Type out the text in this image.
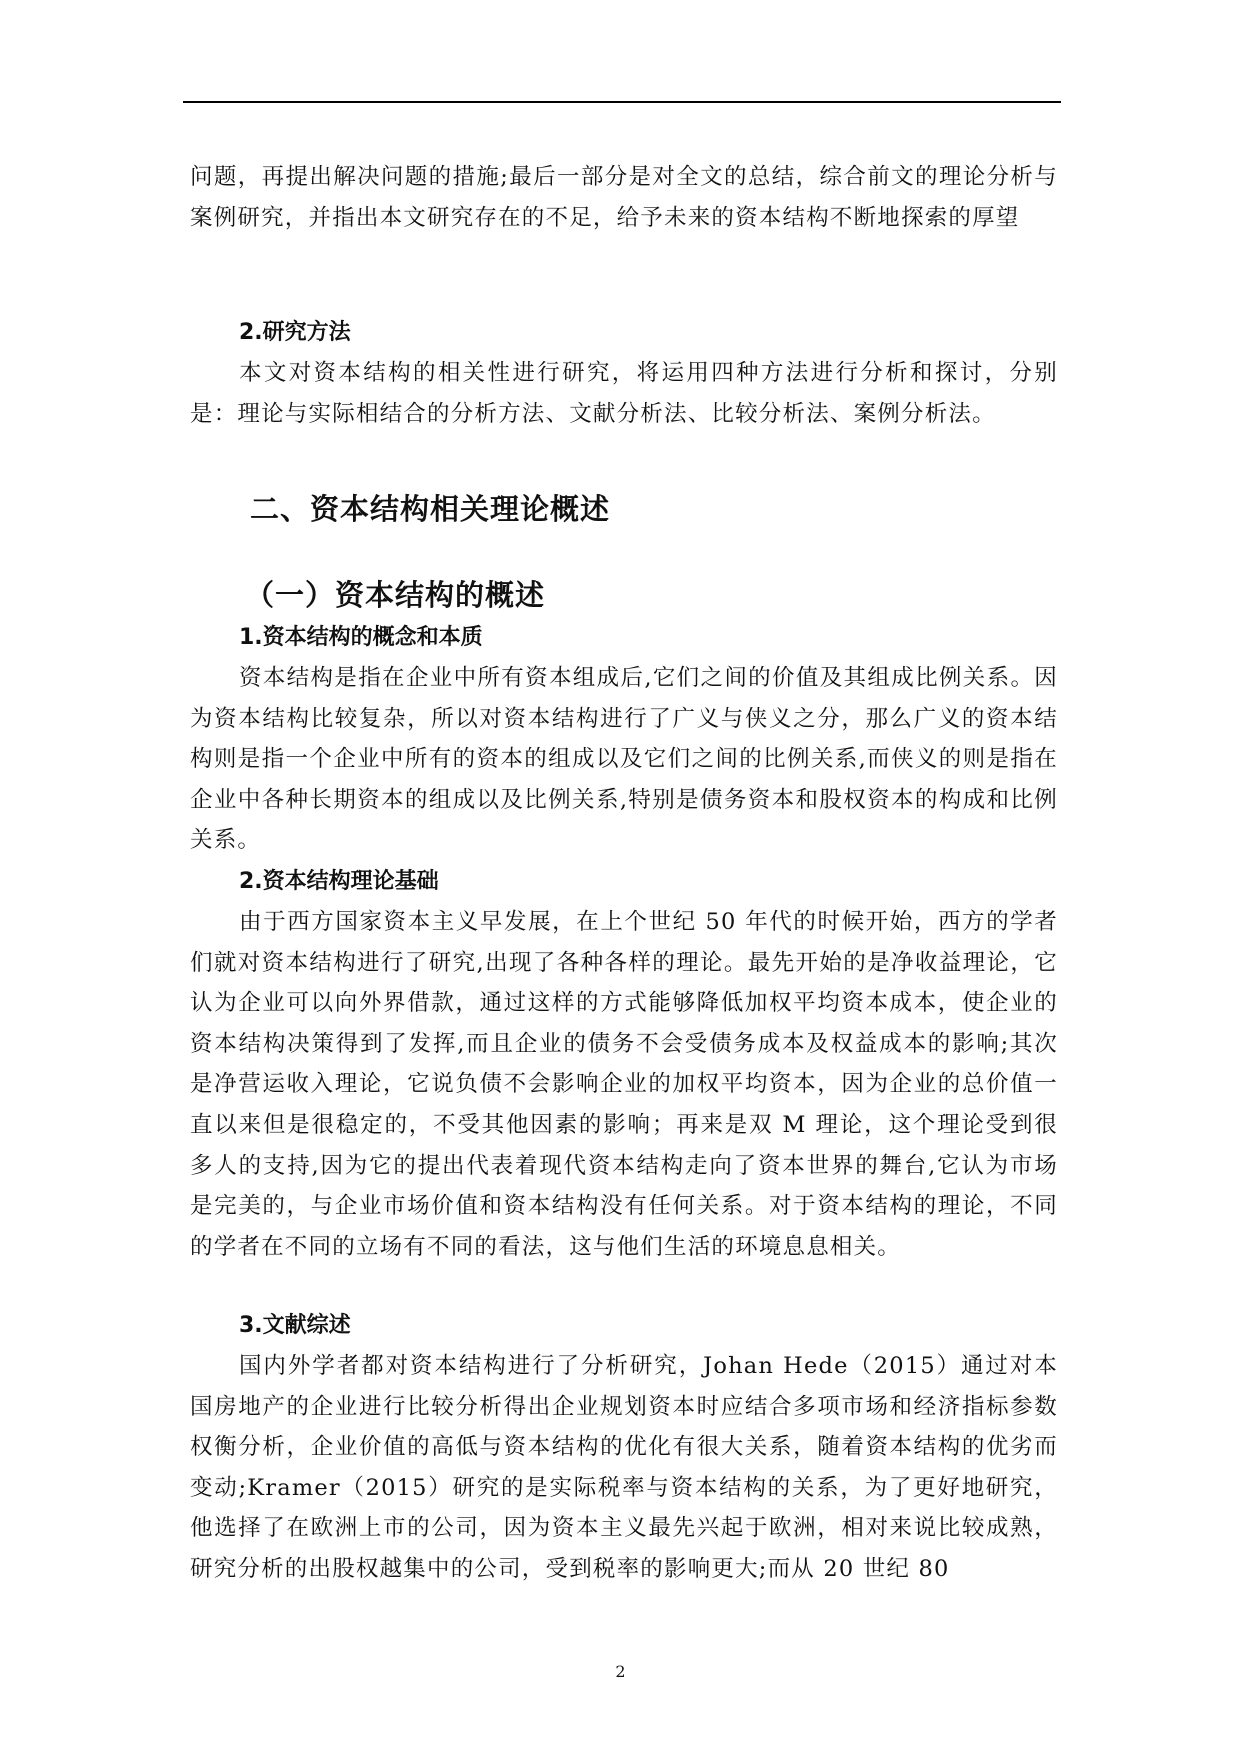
问题，再提出解决问题的措施;最后一部分是对全文的总结，综合前文的理论分析与案例研究，并指出本文研究存在的不足，给予未来的资本结构不断地探索的厚望

2.研究方法

本文对资本结构的相关性进行研究，将运用四种方法进行分析和探讨，分别是：理论与实际相结合的分析方法、文献分析法、比较分析法、案例分析法。

二、资本结构相关理论概述

（一）资本结构的概述

1.资本结构的概念和本质

资本结构是指在企业中所有资本组成后,它们之间的价值及其组成比例关系。因为资本结构比较复杂，所以对资本结构进行了广义与侠义之分，那么广义的资本结构则是指一个企业中所有的资本的组成以及它们之间的比例关系,而侠义的则是指在企业中各种长期资本的组成以及比例关系,特别是债务资本和股权资本的构成和比例关系。

2.资本结构理论基础

由于西方国家资本主义早发展，在上个世纪 50 年代的时候开始，西方的学者们就对资本结构进行了研究,出现了各种各样的理论。最先开始的是净收益理论，它认为企业可以向外界借款，通过这样的方式能够降低加权平均资本成本，使企业的资本结构决策得到了发挥,而且企业的债务不会受债务成本及权益成本的影响;其次是净营运收入理论，它说负债不会影响企业的加权平均资本，因为企业的总价值一直以来但是很稳定的，不受其他因素的影响；再来是双 M 理论，这个理论受到很多人的支持,因为它的提出代表着现代资本结构走向了资本世界的舞台,它认为市场是完美的，与企业市场价值和资本结构没有任何关系。对于资本结构的理论，不同的学者在不同的立场有不同的看法，这与他们生活的环境息息相关。

3.文献综述

国内外学者都对资本结构进行了分析研究，Johan Hede（2015）通过对本国房地产的企业进行比较分析得出企业规划资本时应结合多项市场和经济指标参数权衡分析，企业价值的高低与资本结构的优化有很大关系，随着资本结构的优劣而变动;Kramer（2015）研究的是实际税率与资本结构的关系，为了更好地研究，他选择了在欧洲上市的公司，因为资本主义最先兴起于欧洲，相对来说比较成熟，研究分析的出股权越集中的公司，受到税率的影响更大;而从 20 世纪 80

2
